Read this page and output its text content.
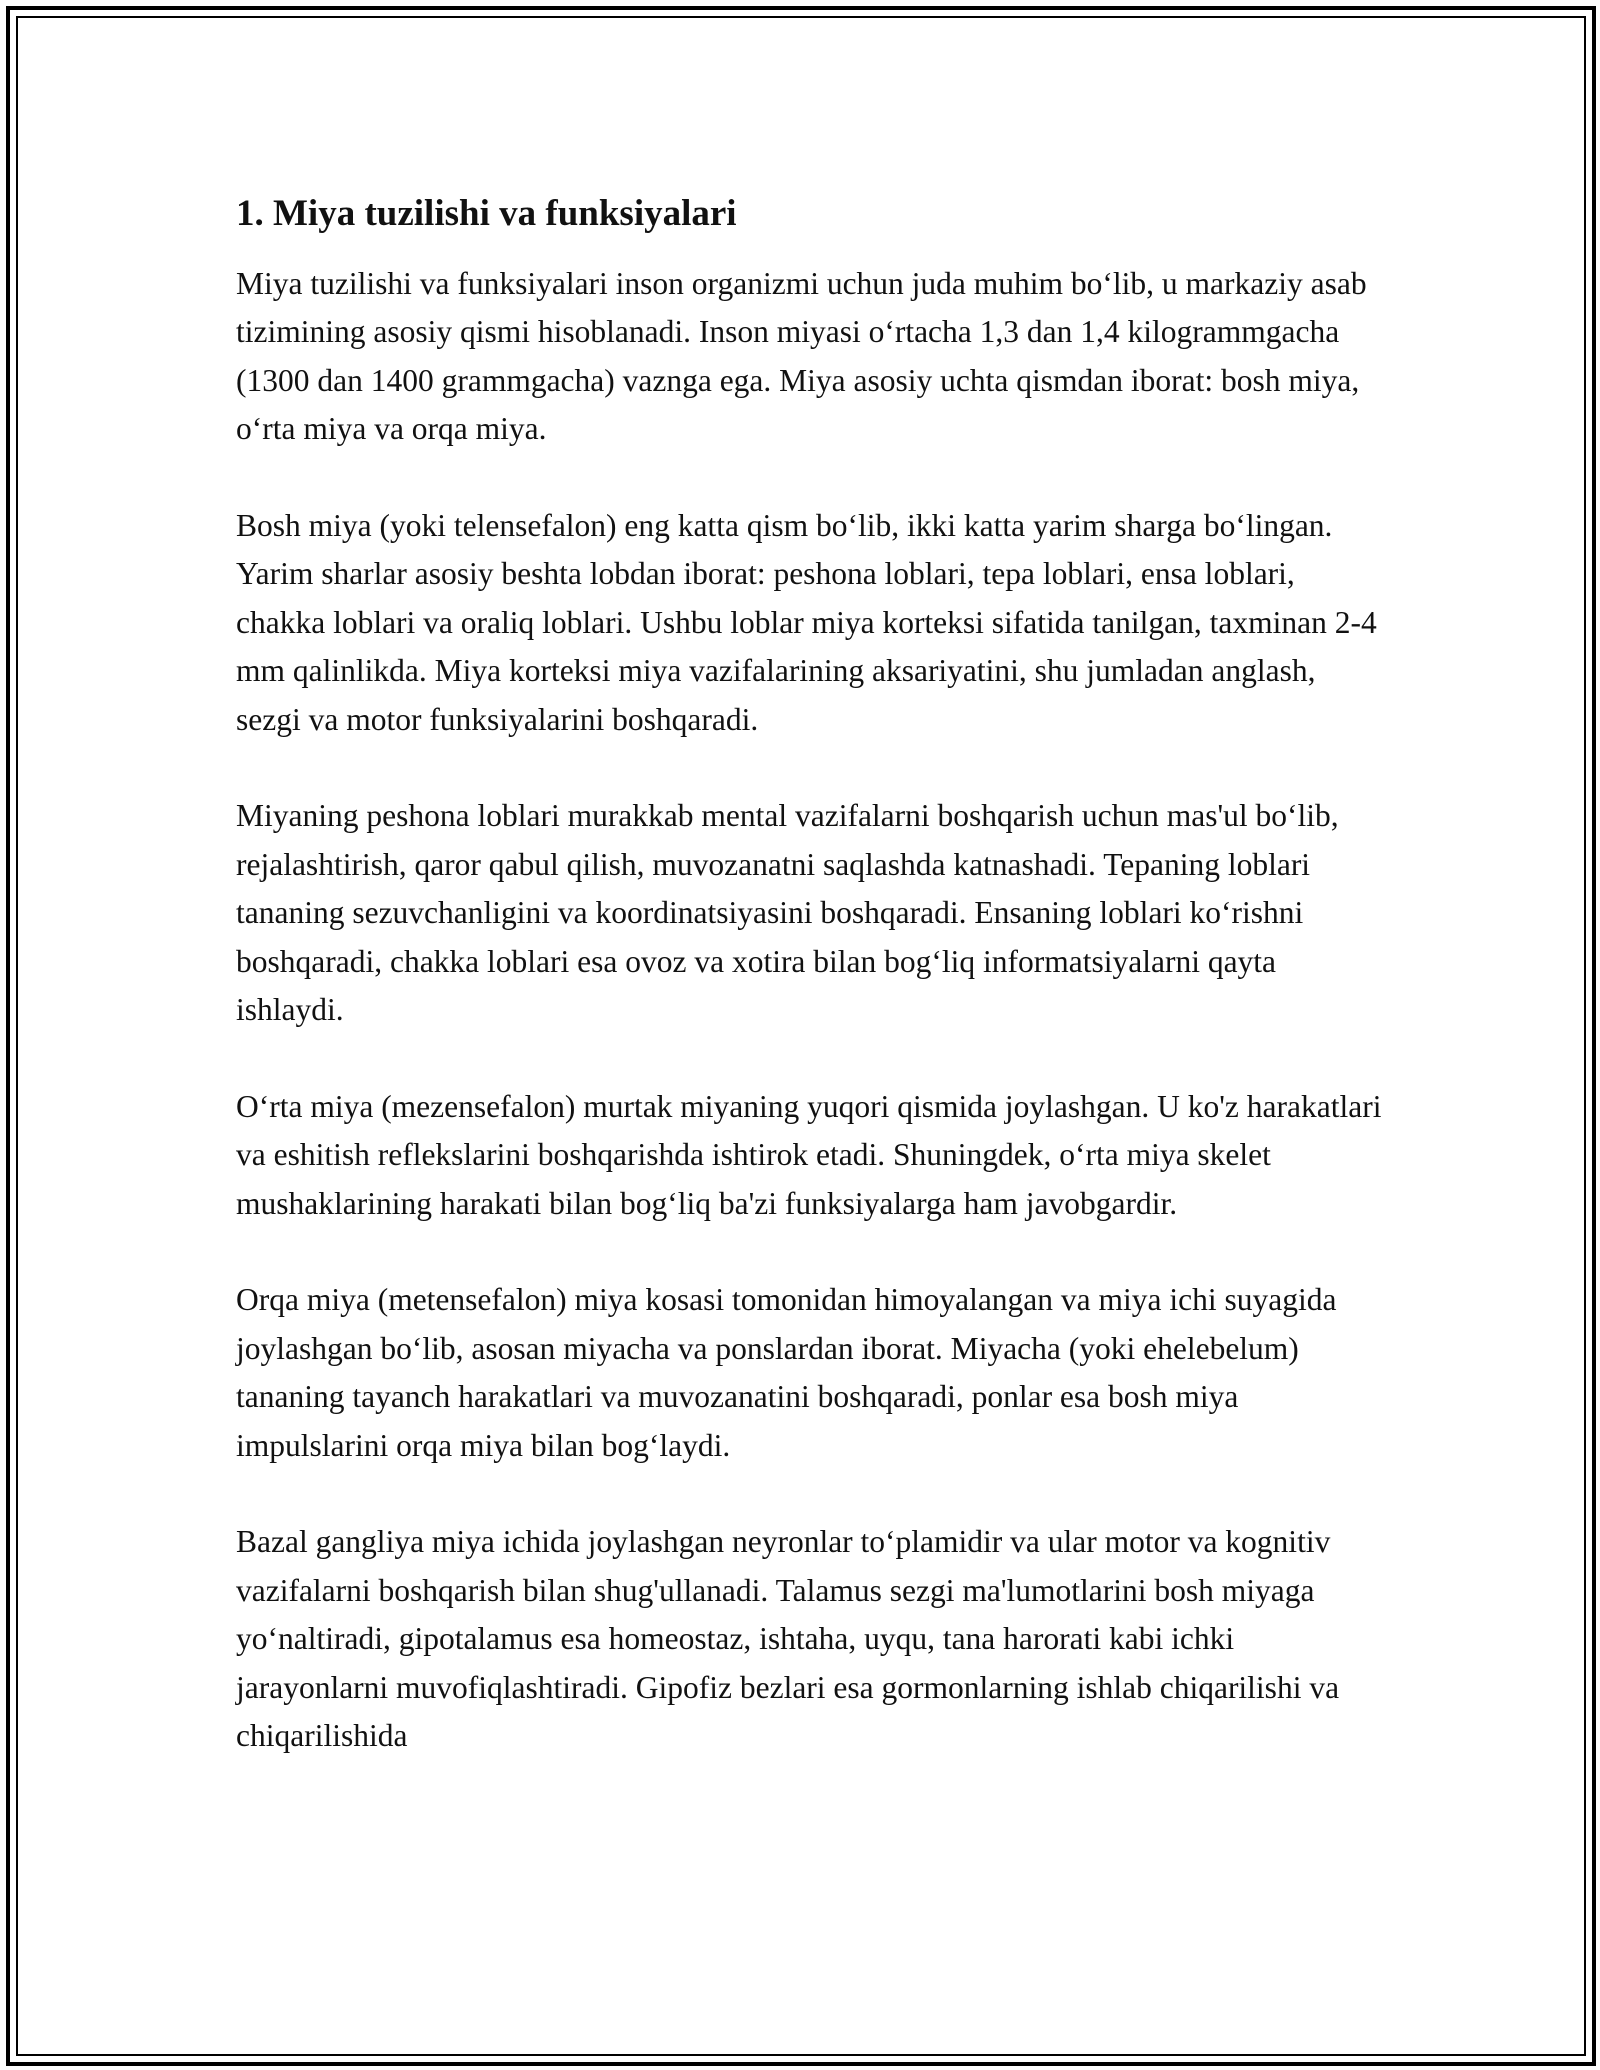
1. Miya tuzilishi va funksiyalari

Miya tuzilishi va funksiyalari inson organizmi uchun juda muhim bo‘lib, u markaziy asab tizimining asosiy qismi hisoblanadi. Inson miyasi o‘rtacha 1,3 dan 1,4 kilogrammgacha (1300 dan 1400 grammgacha) vaznga ega. Miya asosiy uchta qismdan iborat: bosh miya, o‘rta miya va orqa miya.

Bosh miya (yoki telensefalon) eng katta qism bo‘lib, ikki katta yarim sharga bo‘lingan. Yarim sharlar asosiy beshta lobdan iborat: peshona loblari, tepa loblari, ensa loblari, chakka loblari va oraliq loblari. Ushbu loblar miya korteksi sifatida tanilgan, taxminan 2-4 mm qalinlikda. Miya korteksi miya vazifalarining aksariyatini, shu jumladan anglash, sezgi va motor funksiyalarini boshqaradi.

Miyaning peshona loblari murakkab mental vazifalarni boshqarish uchun mas'ul bo‘lib, rejalashtirish, qaror qabul qilish, muvozanatni saqlashda katnashadi. Tepaning loblari tananing sezuvchanligini va koordinatsiyasini boshqaradi. Ensaning loblari ko‘rishni boshqaradi, chakka loblari esa ovoz va xotira bilan bog‘liq informatsiyalarni qayta ishlaydi.

O‘rta miya (mezensefalon) murtak miyaning yuqori qismida joylashgan. U ko'z harakatlari va eshitish reflekslarini boshqarishda ishtirok etadi. Shuningdek, o‘rta miya skelet mushaklarining harakati bilan bog‘liq ba'zi funksiyalarga ham javobgardir.

Orqa miya (metensefalon) miya kosasi tomonidan himoyalangan va miya ichi suyagida joylashgan bo‘lib, asosan miyacha va ponslardan iborat. Miyacha (yoki ehelebelum) tananing tayanch harakatlari va muvozanatini boshqaradi, ponlar esa bosh miya impulslarini orqa miya bilan bog‘laydi.

Bazal gangliya miya ichida joylashgan neyronlar to‘plamidir va ular motor va kognitiv vazifalarni boshqarish bilan shug'ullanadi. Talamus sezgi ma'lumotlarini bosh miyaga yo‘naltiradi, gipotalamus esa homeostaz, ishtaha, uyqu, tana harorati kabi ichki jarayonlarni muvofiqlashtiradi. Gipofiz bezlari esa gormonlarning ishlab chiqarilishi va chiqarilishida
